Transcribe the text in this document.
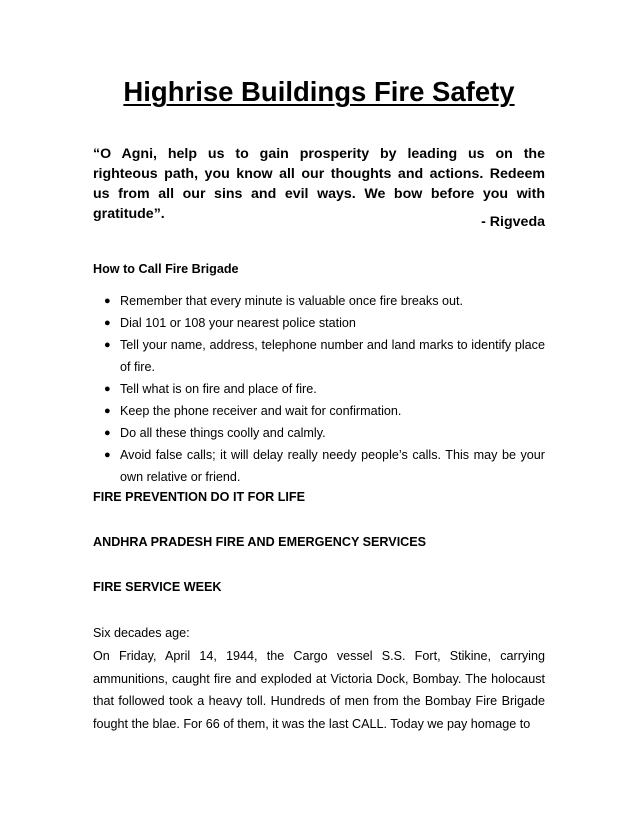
Highrise Buildings Fire Safety

“O Agni, help us to gain prosperity by leading us on the righteous path, you know all our thoughts and actions. Redeem us from all our sins and evil ways. We bow before you with gratitude”.	- Rigveda

How to Call Fire Brigade

● Remember that every minute is valuable once fire breaks out.
● Dial 101 or 108 your nearest police station
● Tell your name, address, telephone number and land marks to identify place of fire.
● Tell what is on fire and place of fire.
● Keep the phone receiver and wait for confirmation.
● Do all these things coolly and calmly.
● Avoid false calls; it will delay really needy people’s calls. This may be your own relative or friend.

FIRE PREVENTION DO IT FOR LIFE

ANDHRA PRADESH FIRE AND EMERGENCY SERVICES

FIRE SERVICE WEEK

Six decades age:

On Friday, April 14, 1944, the Cargo vessel S.S. Fort, Stikine, carrying ammunitions, caught fire and exploded at Victoria Dock, Bombay. The holocaust that followed took a heavy toll. Hundreds of men from the Bombay Fire Brigade fought the blae. For 66 of them, it was the last CALL. Today we pay homage to
